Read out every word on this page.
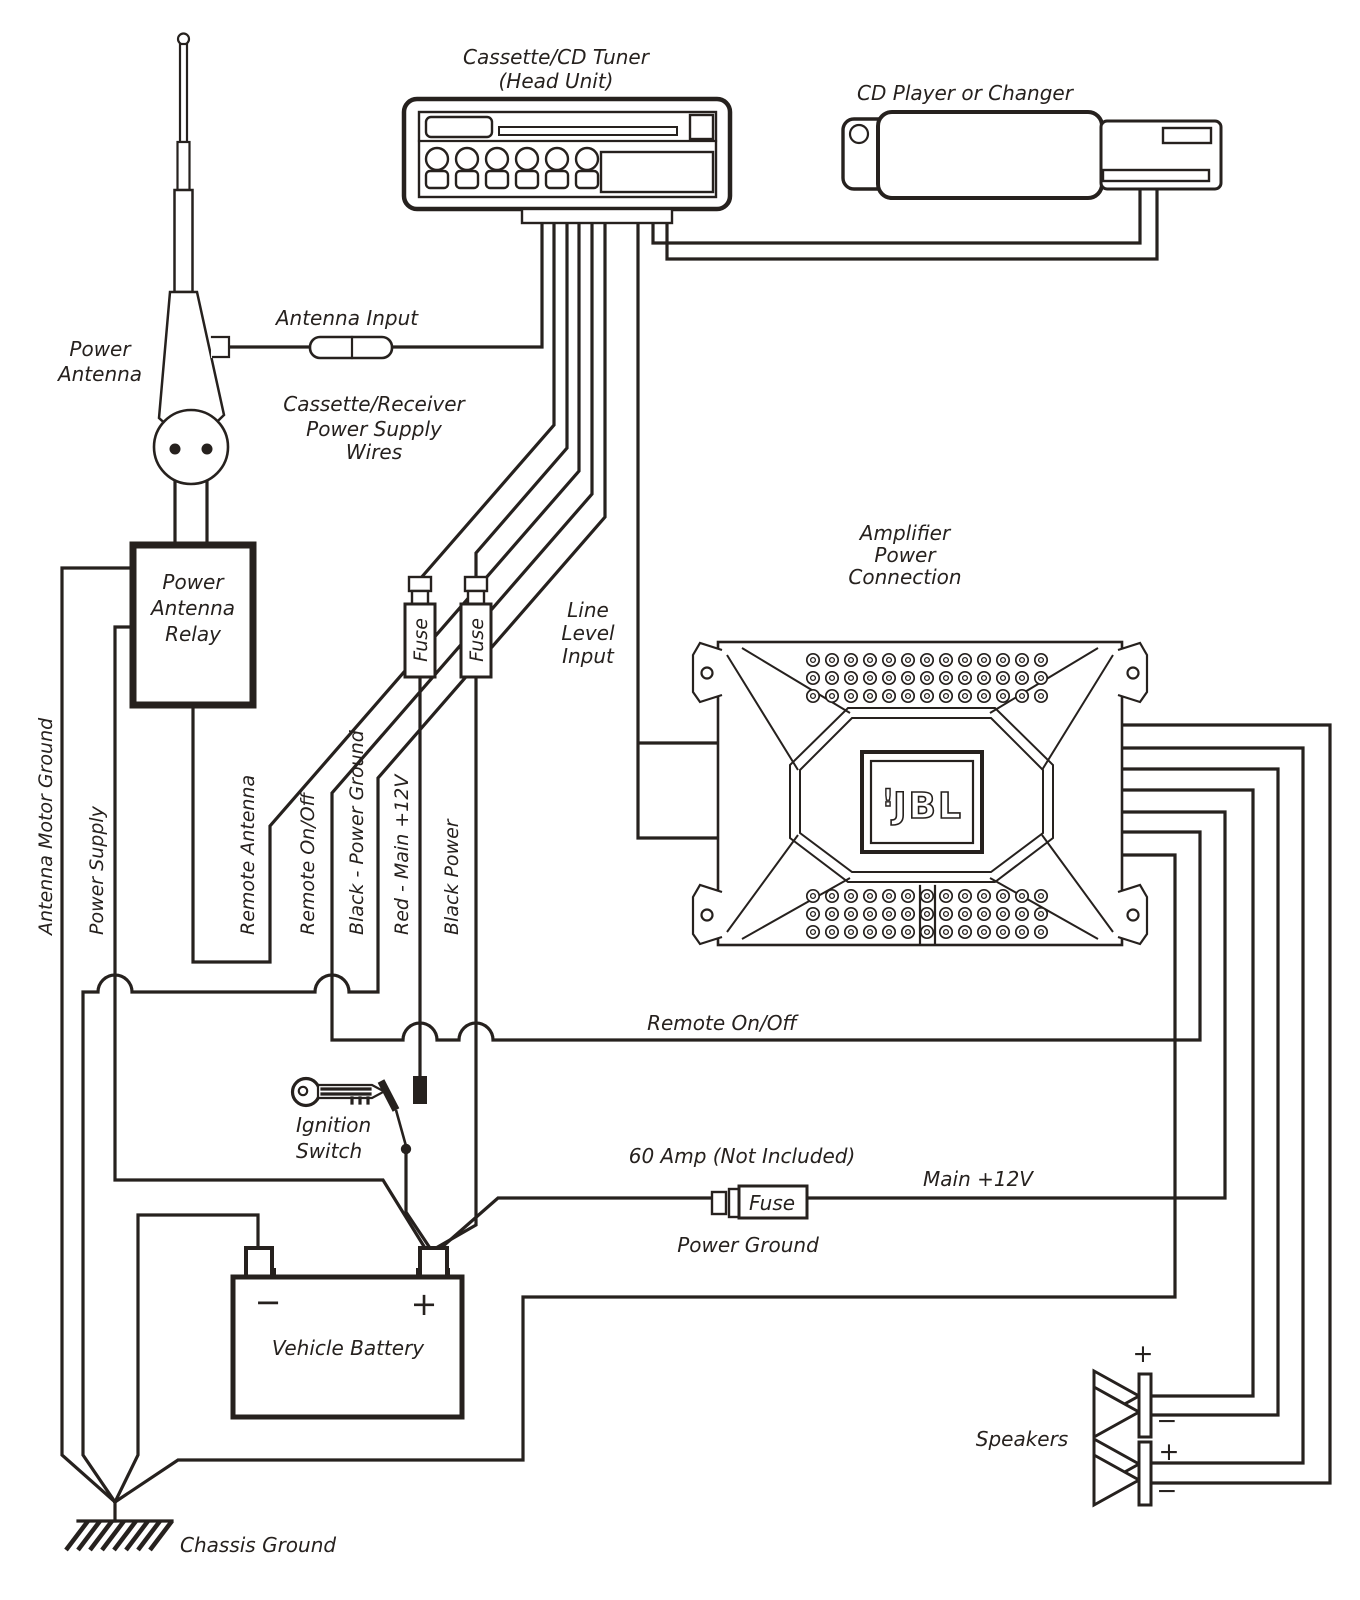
Power
Antenna
Relay	Fuse Fuse
! JBL
Fuse
−	+
Vehicle Battery
Cassette/CD Tuner
(Head Unit)	CD Player or Changer
Antenna Input
Power
Antenna
Cassette/Receiver
Power Supply
Wires
Amplifier
Power
Connection
Line
Level
Input
Antenna Motor Ground Power Supply	Remote Antenna Remote On/Off Black - Power Ground Red - Main +12V Black Power
Remote On/Off
Ignition
Switch	60 Amp (Not Included)
Main +12V
Power Ground
Speakers
+
−
+
−
Chassis Ground
